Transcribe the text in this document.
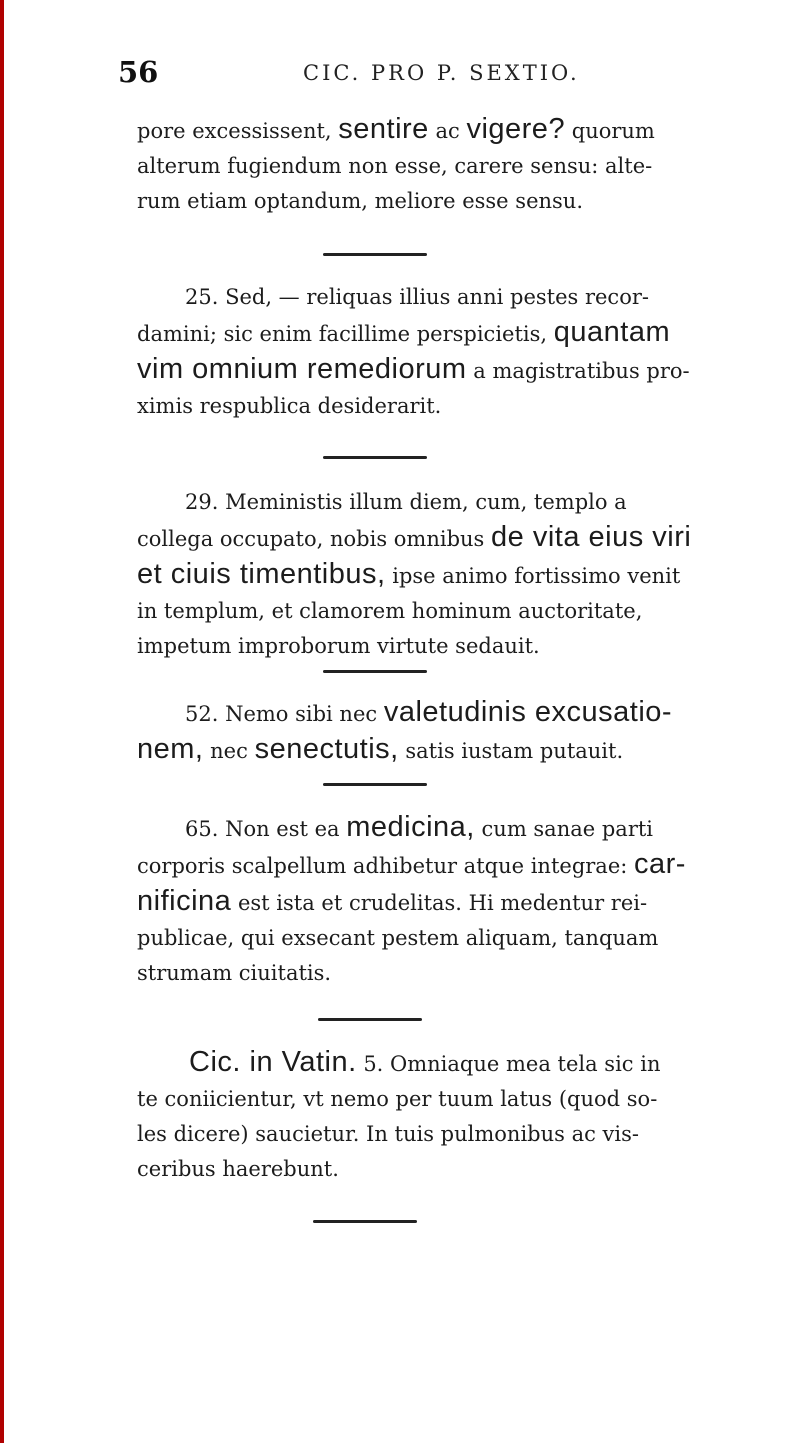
56	CIC. PRO P. SEXTIO.
pore excessissent, sentire ac vigere? quorum
alterum fugiendum non esse, carere sensu: alte-
rum etiam optandum, meliore esse sensu.
25. Sed, — reliquas illius anni pestes recor-
damini; sic enim facillime perspicietis, quantam
vim omnium remediorum a magistratibus pro-
ximis respublica desiderarit.
29. Meministis illum diem, cum, templo a
collega occupato, nobis omnibus de vita eius viri
et ciuis timentibus, ipse animo fortissimo venit
in templum, et clamorem hominum auctoritate,
impetum improborum virtute sedauit.
52. Nemo sibi nec valetudinis excusatio-
nem, nec senectutis, satis iustam putauit.
65. Non est ea medicina, cum sanae parti
corporis scalpellum adhibetur atque integrae: car-
nificina est ista et crudelitas. Hi medentur rei-
publicae, qui exsecant pestem aliquam, tanquam
strumam ciuitatis.
Cic. in Vatin. 5. Omniaque mea tela sic in
te coniicientur, vt nemo per tuum latus (quod so-
les dicere) saucietur. In tuis pulmonibus ac vis-
ceribus haerebunt.
